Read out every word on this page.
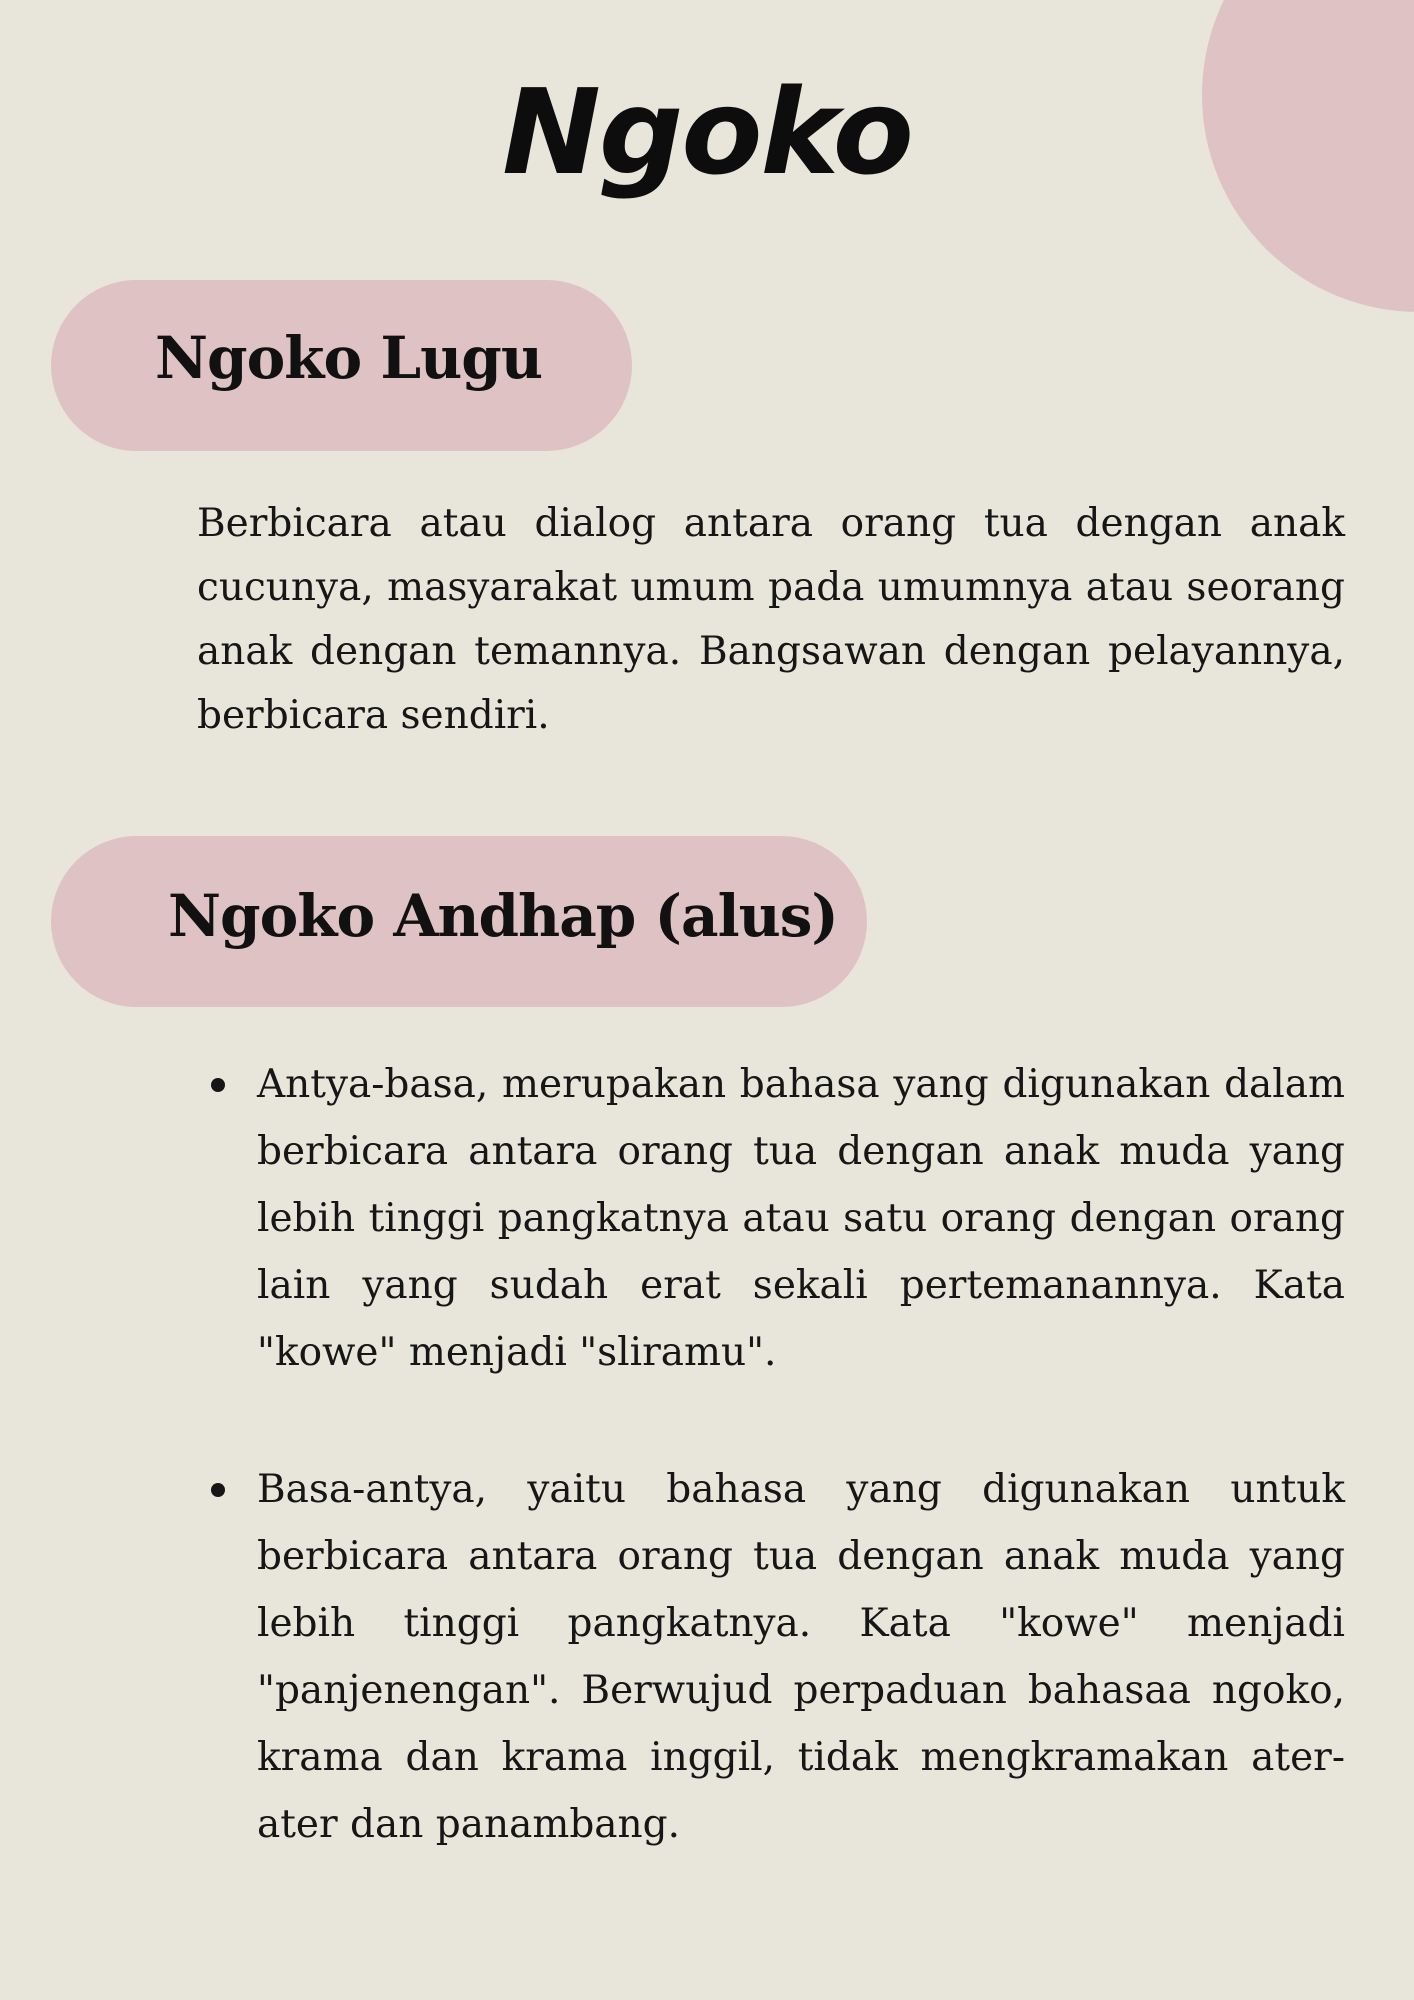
Ngoko
Ngoko Lugu

Berbicara atau dialog antara orang tua dengan anak cucunya, masyarakat umum pada umumnya atau seorang anak dengan temannya. Bangsawan dengan pelayannya, berbicara sendiri.

Ngoko Andhap (alus)
Antya-basa, merupakan bahasa yang digunakan dalam berbicara antara orang tua dengan anak muda yang lebih tinggi pangkatnya atau satu orang dengan orang lain yang sudah erat sekali pertemanannya. Kata "kowe" menjadi "sliramu".
Basa-antya, yaitu bahasa yang digunakan untuk berbicara antara orang tua dengan anak muda yang lebih tinggi pangkatnya. Kata "kowe" menjadi "panjenengan". Berwujud perpaduan bahasaa ngoko, krama dan krama inggil, tidak mengkramakan ater-ater dan panambang.
